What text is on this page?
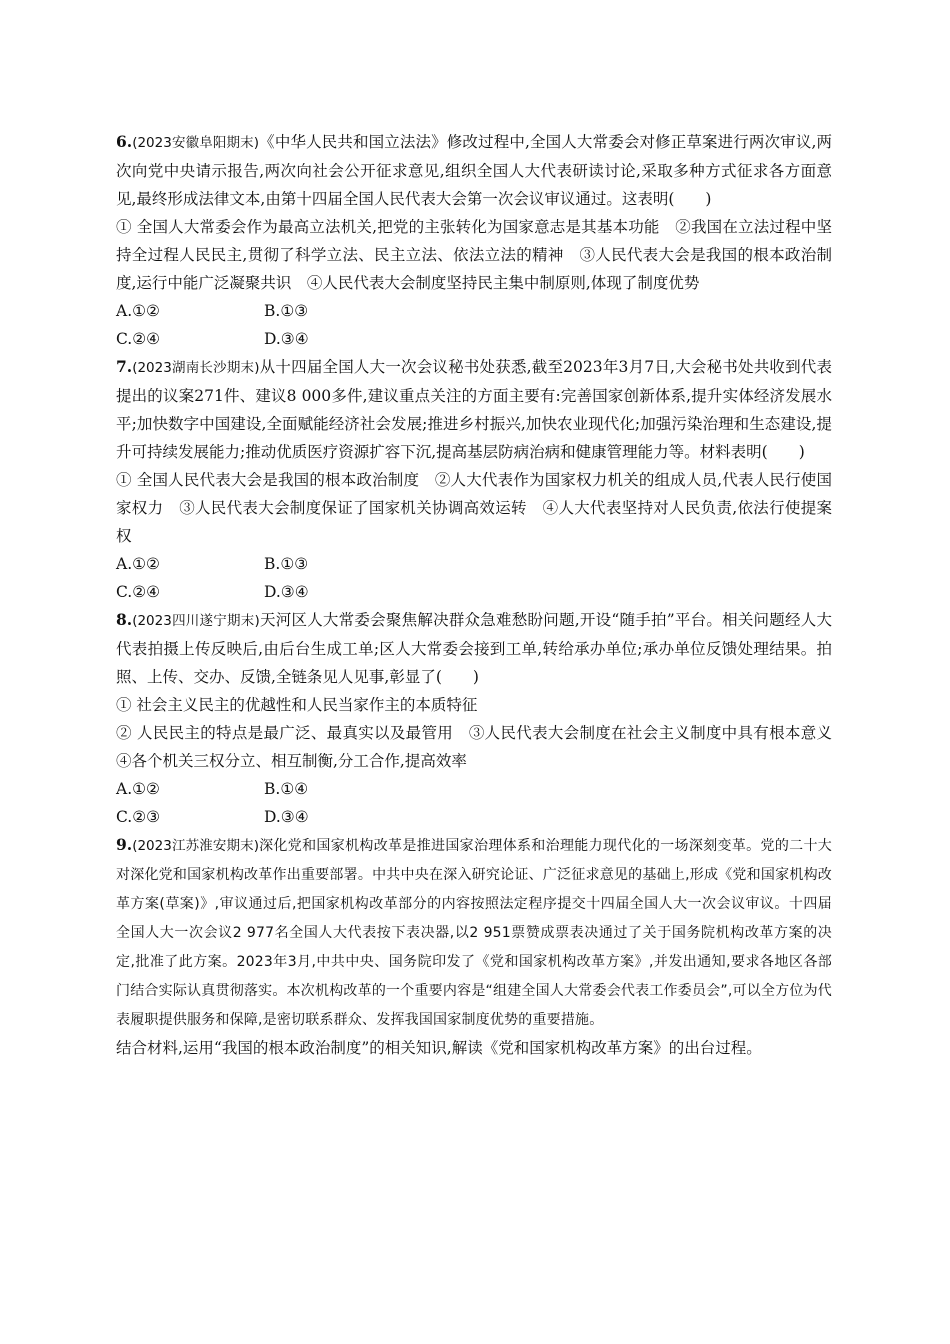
6.(2023安徽阜阳期末)《中华人民共和国立法法》修改过程中,全国人大常委会对修正草案进行两次审议,两次向党中央请示报告,两次向社会公开征求意见,组织全国人大代表研读讨论,采取多种方式征求各方面意见,最终形成法律文本,由第十四届全国人民代表大会第一次会议审议通过。这表明(　　)

① 全国人大常委会作为最高立法机关,把党的主张转化为国家意志是其基本功能　②我国在立法过程中坚持全过程人民民主,贯彻了科学立法、民主立法、依法立法的精神　③人民代表大会是我国的根本政治制度,运行中能广泛凝聚共识　④人民代表大会制度坚持民主集中制原则,体现了制度优势

A.①②	B.①③
C.②④	D.③④

7.(2023湖南长沙期末)从十四届全国人大一次会议秘书处获悉,截至2023年3月7日,大会秘书处共收到代表提出的议案271件、建议8 000多件,建议重点关注的方面主要有:完善国家创新体系,提升实体经济发展水平;加快数字中国建设,全面赋能经济社会发展;推进乡村振兴,加快农业现代化;加强污染治理和生态建设,提升可持续发展能力;推动优质医疗资源扩容下沉,提高基层防病治病和健康管理能力等。材料表明(　　)

① 全国人民代表大会是我国的根本政治制度　②人大代表作为国家权力机关的组成人员,代表人民行使国家权力　③人民代表大会制度保证了国家机关协调高效运转　④人大代表坚持对人民负责,依法行使提案权

A.①②	B.①③
C.②④	D.③④

8.(2023四川遂宁期末)天河区人大常委会聚焦解决群众急难愁盼问题,开设“随手拍”平台。相关问题经人大代表拍摄上传反映后,由后台生成工单;区人大常委会接到工单,转给承办单位;承办单位反馈处理结果。拍照、上传、交办、反馈,全链条见人见事,彰显了(　　)

① 社会主义民主的优越性和人民当家作主的本质特征

② 人民民主的特点是最广泛、最真实以及最管用　③人民代表大会制度在社会主义制度中具有根本意义　④各个机关三权分立、相互制衡,分工合作,提高效率

A.①②	B.①④
C.②③	D.③④

9.(2023江苏淮安期末)深化党和国家机构改革是推进国家治理体系和治理能力现代化的一场深刻变革。党的二十大对深化党和国家机构改革作出重要部署。中共中央在深入研究论证、广泛征求意见的基础上,形成《党和国家机构改革方案(草案)》,审议通过后,把国家机构改革部分的内容按照法定程序提交十四届全国人大一次会议审议。十四届全国人大一次会议2 977名全国人大代表按下表决器,以2 951票赞成票表决通过了关于国务院机构改革方案的决定,批准了此方案。2023年3月,中共中央、国务院印发了《党和国家机构改革方案》,并发出通知,要求各地区各部门结合实际认真贯彻落实。本次机构改革的一个重要内容是“组建全国人大常委会代表工作委员会”,可以全方位为代表履职提供服务和保障,是密切联系群众、发挥我国国家制度优势的重要措施。

结合材料,运用“我国的根本政治制度”的相关知识,解读《党和国家机构改革方案》的出台过程。
